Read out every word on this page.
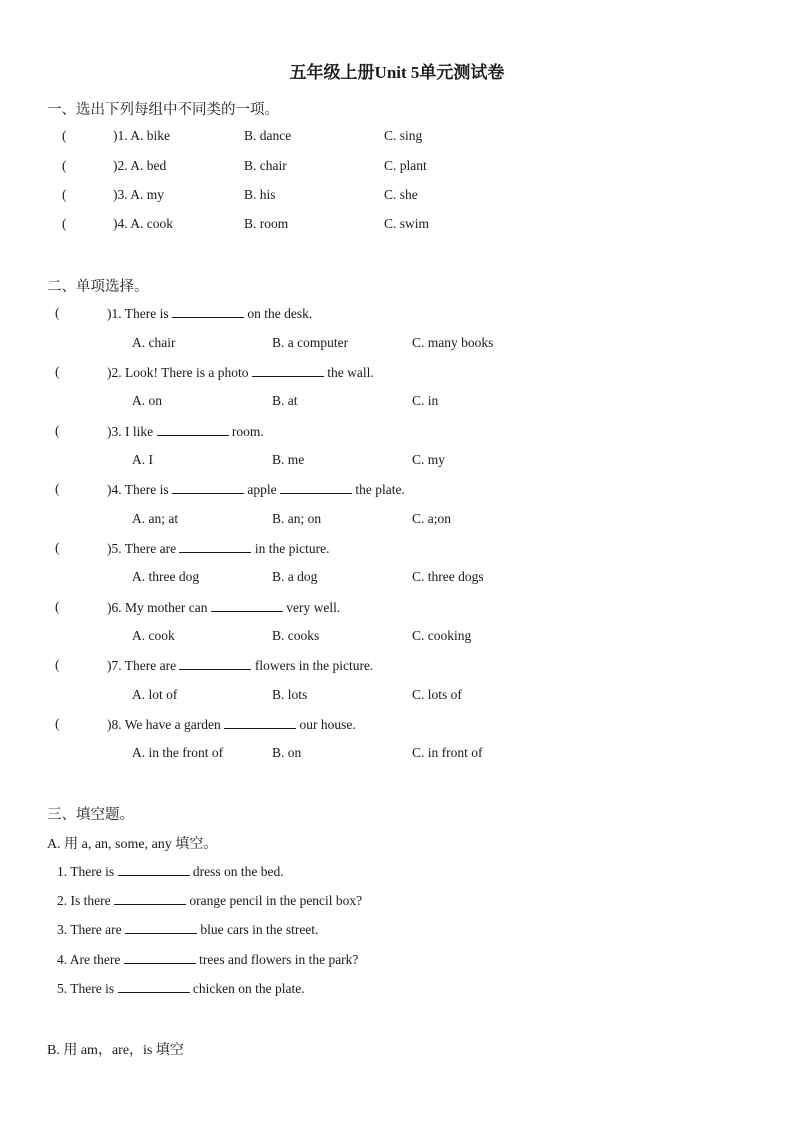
五年级上册Unit 5单元测试卷
一、选出下列每组中不同类的一项。
(	)1. A. bike	B. dance	C. sing
(	)2. A. bed	B. chair	C. plant
(	)3. A. my	B. his	C. she
(	)4. A. cook	B. room	C. swim
二、单项选择。
(	)1. There is	on the desk.
A. chair	B. a computer	C. many books
(	)2. Look! There is a photo	the wall.
A. on	B. at	C. in
(	)3. I like	room.
A. I	B. me	C. my
(	)4. There is	apple	the plate.
A. an; at	B. an; on	C. a;on
(	)5. There are	in the picture.
A. three dog	B. a dog	C. three dogs
(	)6. My mother can	very well.
A. cook	B. cooks	C. cooking
(	)7. There are	flowers in the picture.
A. lot of	B. lots	C. lots of
(	)8. We have a garden	our house.
A. in the front of	B. on	C. in front of
三、填空题。
A. 用 a, an, some, any 填空。
1. There is	dress on the bed.
2. Is there	orange pencil in the pencil box?
3. There are	blue cars in the street.
4. Are there	trees and flowers in the park?
5. There is	chicken on the plate.
B. 用 am，are，is 填空
